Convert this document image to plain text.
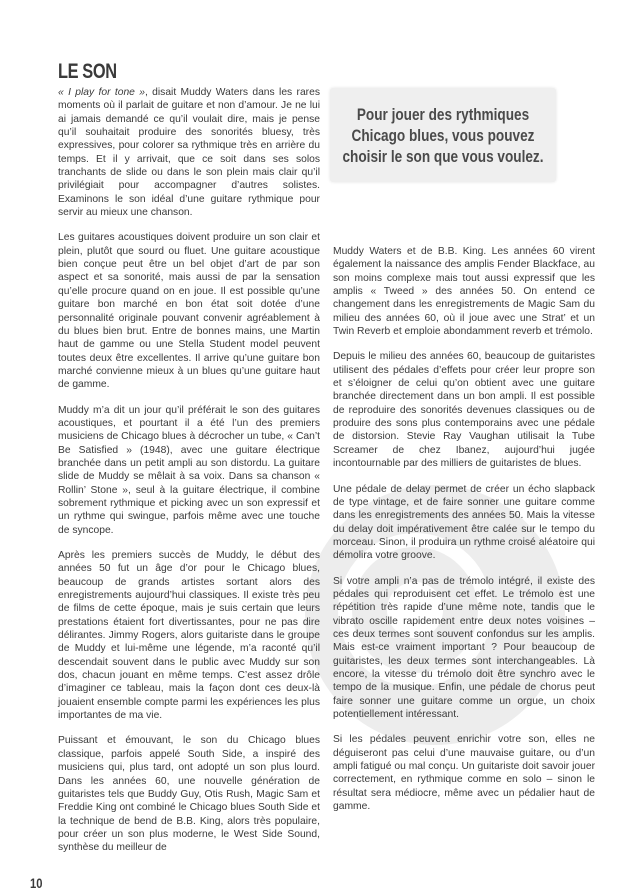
LE SON
Pour jouer des rythmiques
Chicago blues, vous pouvez
choisir le son que vous voulez.
« I play for tone », disait Muddy Waters dans les rares moments où il parlait de guitare et non d’amour. Je ne lui ai jamais demandé ce qu’il voulait dire, mais je pense qu’il souhaitait produire des sonorités bluesy, très expressives, pour colorer sa rythmique très en arrière du temps. Et il y arrivait, que ce soit dans ses solos tranchants de slide ou dans le son plein mais clair qu’il privilégiait pour accompagner d’autres solistes. Examinons le son idéal d’une guitare rythmique pour servir au mieux une chanson.
Les guitares acoustiques doivent produire un son clair et plein, plutôt que sourd ou fluet. Une guitare acoustique bien conçue peut être un bel objet d’art de par son aspect et sa sonorité, mais aussi de par la sensation qu’elle procure quand on en joue. Il est possible qu’une guitare bon marché en bon état soit dotée d’une personnalité originale pouvant convenir agréablement à du blues bien brut. Entre de bonnes mains, une Martin haut de gamme ou une Stella Student model peuvent toutes deux être excellentes. Il arrive qu’une guitare bon marché convienne mieux à un blues qu’une guitare haut de gamme.
Muddy m’a dit un jour qu’il préférait le son des guitares acoustiques, et pourtant il a été l’un des premiers musiciens de Chicago blues à décrocher un tube, « Can’t Be Satisfied » (1948), avec une guitare électrique branchée dans un petit ampli au son distordu. La guitare slide de Muddy se mêlait à sa voix. Dans sa chanson « Rollin’ Stone », seul à la guitare électrique, il combine sobrement rythmique et picking avec un son expressif et un rythme qui swingue, parfois même avec une touche de syncope.
Après les premiers succès de Muddy, le début des années 50 fut un âge d’or pour le Chicago blues, beaucoup de grands artistes sortant alors des enregistrements aujourd’hui classiques. Il existe très peu de films de cette époque, mais je suis certain que leurs prestations étaient fort divertissantes, pour ne pas dire délirantes. Jimmy Rogers, alors guitariste dans le groupe de Muddy et lui-même une légende, m’a raconté qu’il descendait souvent dans le public avec Muddy sur son dos, chacun jouant en même temps. C’est assez drôle d’imaginer ce tableau, mais la façon dont ces deux-là jouaient ensemble compte parmi les expériences les plus importantes de ma vie.
Puissant et émouvant, le son du Chicago blues classique, parfois appelé South Side, a inspiré des musiciens qui, plus tard, ont adopté un son plus lourd. Dans les années 60, une nouvelle génération de guitaristes tels que Buddy Guy, Otis Rush, Magic Sam et Freddie King ont combiné le Chicago blues South Side et la technique de bend de B.B. King, alors très populaire, pour créer un son plus moderne, le West Side Sound, synthèse du meilleur de
Muddy Waters et de B.B. King. Les années 60 virent également la naissance des amplis Fender Blackface, au son moins complexe mais tout aussi expressif que les amplis « Tweed » des années 50. On entend ce changement dans les enregistrements de Magic Sam du milieu des années 60, où il joue avec une Strat’ et un Twin Reverb et emploie abondamment reverb et trémolo.
Depuis le milieu des années 60, beaucoup de guitaristes utilisent des pédales d’effets pour créer leur propre son et s’éloigner de celui qu’on obtient avec une guitare branchée directement dans un bon ampli. Il est possible de reproduire des sonorités devenues classiques ou de produire des sons plus contemporains avec une pédale de distorsion. Stevie Ray Vaughan utilisait la Tube Screamer de chez Ibanez, aujourd’hui jugée incontournable par des milliers de guitaristes de blues.
Une pédale de delay permet de créer un écho slapback de type vintage, et de faire sonner une guitare comme dans les enregistrements des années 50. Mais la vitesse du delay doit impérativement être calée sur le tempo du morceau. Sinon, il produira un rythme croisé aléatoire qui démolira votre groove.
Si votre ampli n’a pas de trémolo intégré, il existe des pédales qui reproduisent cet effet. Le trémolo est une répétition très rapide d’une même note, tandis que le vibrato oscille rapidement entre deux notes voisines – ces deux termes sont souvent confondus sur les amplis. Mais est-ce vraiment important ? Pour beaucoup de guitaristes, les deux termes sont interchangeables. Là encore, la vitesse du trémolo doit être synchro avec le tempo de la musique. Enfin, une pédale de chorus peut faire sonner une guitare comme un orgue, un choix potentiellement intéressant.
Si les pédales peuvent enrichir votre son, elles ne déguiseront pas celui d’une mauvaise guitare, ou d’un ampli fatigué ou mal conçu. Un guitariste doit savoir jouer correctement, en rythmique comme en solo – sinon le résultat sera médiocre, même avec un pédalier haut de gamme.
10
